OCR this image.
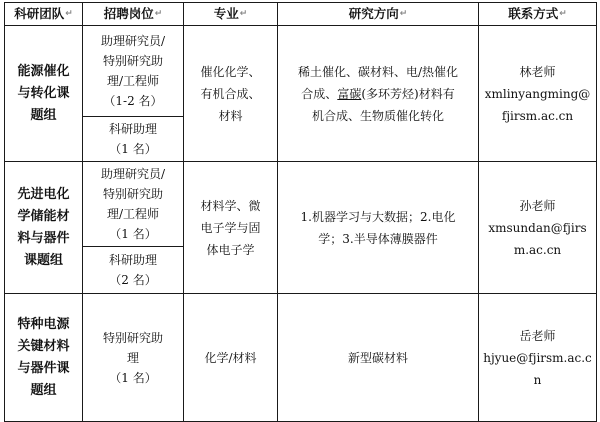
科研团队↵	招聘岗位↵	专业↵	研究方向↵	联系方式↵

能源催化
与转化课
题组	助理研究员/
特别研究助
理/工程师
（1-2 名）	催化化学、
有机合成、
材料	稀土催化、碳材料、电/热催化
合成、富碳(多环芳烃)材料有
机合成、生物质催化转化	林老师
xmlinyangming@
fjirsm.ac.cn

	科研助理
（1 名）			

先进电化
学储能材
料与器件
课题组	助理研究员/
特别研究助
理/工程师
（1 名）	材料学、微
电子学与固
体电子学	1.机器学习与大数据；2.电化
学；3.半导体薄膜器件	孙老师
xmsundan@fjirs
m.ac.cn

	科研助理
（2 名）			

特种电源
关键材料
与器件课
题组	特别研究助
理
（1 名）	化学/材料	新型碳材料	岳老师
hjyue@fjirsm.ac.c
n
